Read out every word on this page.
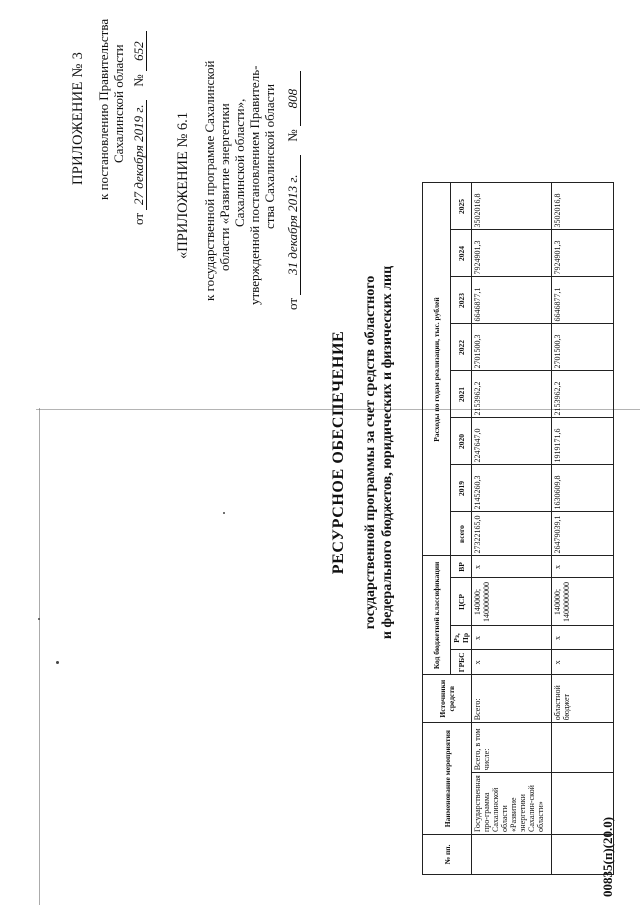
ПРИЛОЖЕНИЕ № 3 к постановлению Правительства Сахалинской области
от 27 декабря 2019 г.    № 652
«ПРИЛОЖЕНИЕ № 6.1 к государственной программе Сахалинской области «Развитие энергетики Сахалинской области», утвержденной постановлением Правитель- ства Сахалинской области
от 31 декабря 2013 г.    № 808
РЕСУРСНОЕ ОБЕСПЕЧЕНИЕ государственной программы за счет средств областного и федерального бюджетов, юридических и физических лиц
№ пп.	Наименование мероприятия		Источники средств	Код бюджетной классификации				Расходы по годам реализации, тыс. рублей							
				ГРБС	Рз, Пр	ЦСР	ВР	всего	2019	2020	2021	2022	2023	2024	2025
	Государственная про-грамма Сахалинской области «Развитие энергетики Сахалин-ской области»	Всего, в том числе:	Всего:	х	х	140000; 1400000000	х	27322165,0	2145260,3	2247647,0	2153962,2	2701500,3	6646877,1	7924901,3	3502016,8
			областной бюджет	х	х	140000; 1400000000	х	26479039,1	1630609,8	1919171,6	2153962,2	2701500,3	6646877,1	7924901,3	3502016,8
00835(п)(20.0)
